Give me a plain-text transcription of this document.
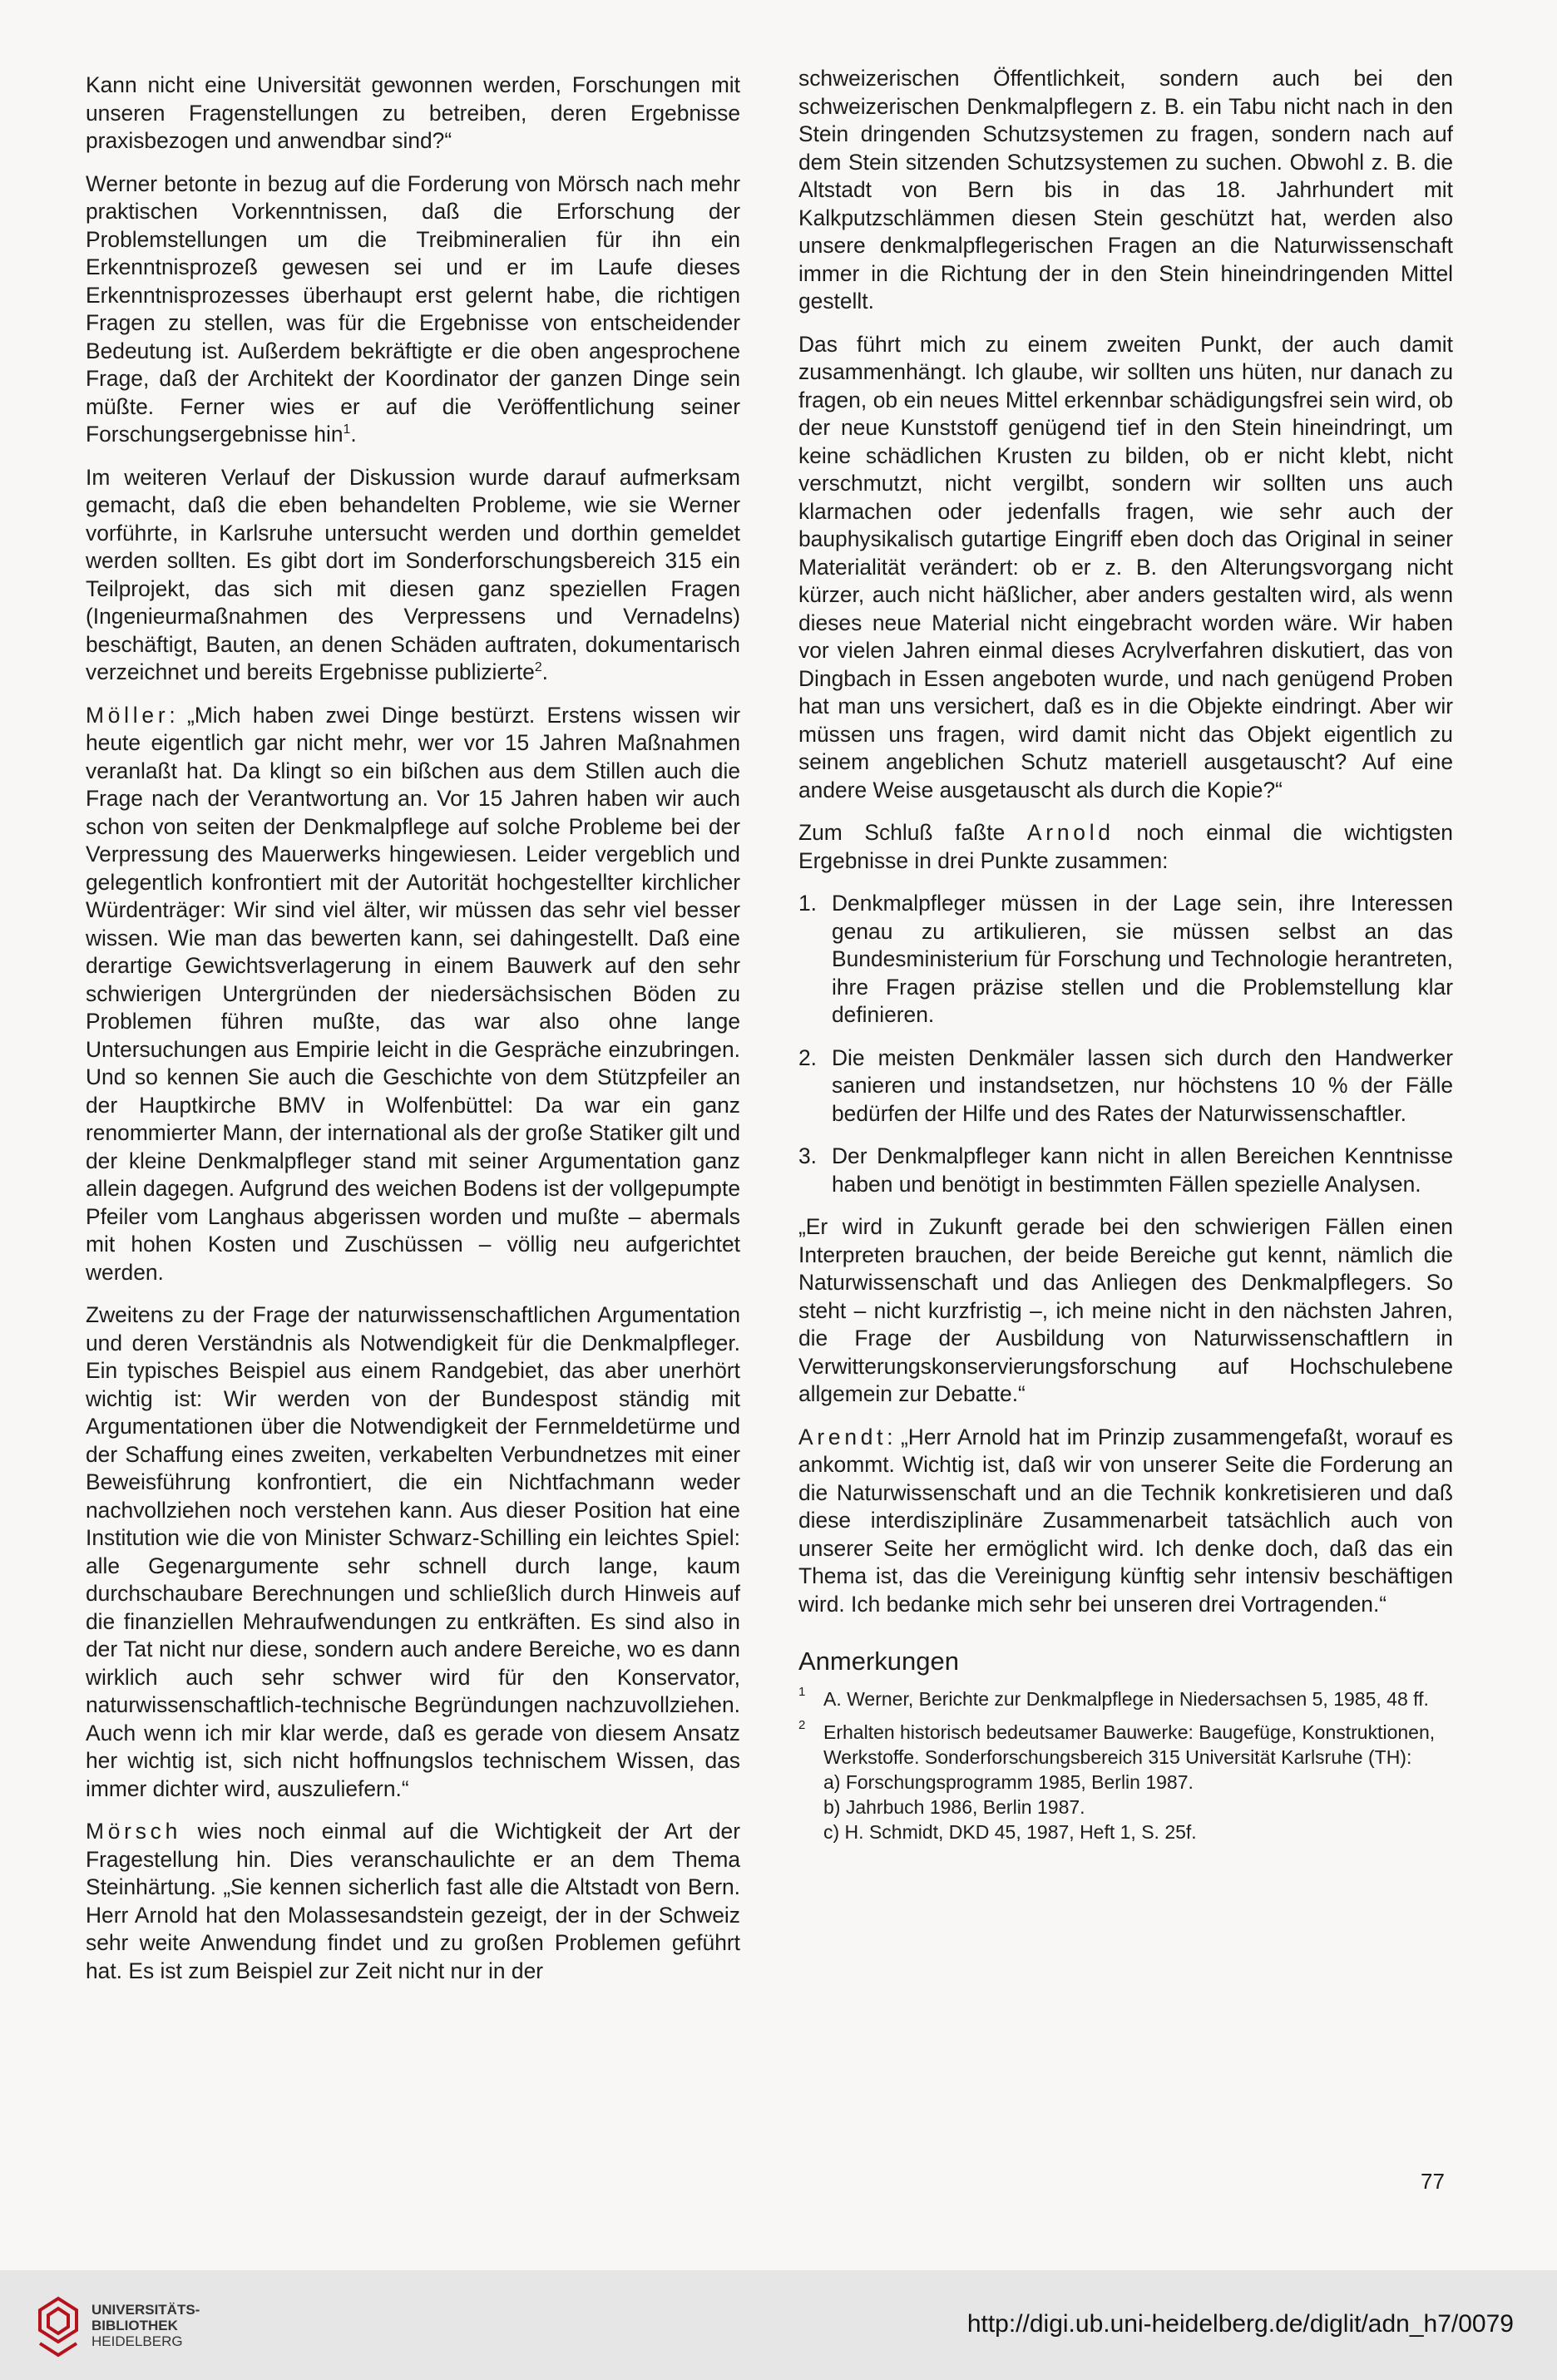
Kann nicht eine Universität gewonnen werden, Forschungen mit unseren Fragenstellungen zu betreiben, deren Ergebnisse praxisbezogen und anwendbar sind?“

Werner betonte in bezug auf die Forderung von Mörsch nach mehr praktischen Vorkenntnissen, daß die Erforschung der Problemstellungen um die Treibmineralien für ihn ein Erkenntnisprozeß gewesen sei und er im Laufe dieses Erkenntnisprozesses überhaupt erst gelernt habe, die richtigen Fragen zu stellen, was für die Ergebnisse von entscheidender Bedeutung ist. Außerdem bekräftigte er die oben angesprochene Frage, daß der Architekt der Koordinator der ganzen Dinge sein müßte. Ferner wies er auf die Veröffentlichung seiner Forschungsergebnisse hin$^1$.

Im weiteren Verlauf der Diskussion wurde darauf aufmerksam gemacht, daß die eben behandelten Probleme, wie sie Werner vorführte, in Karlsruhe untersucht werden und dorthin gemeldet werden sollten. Es gibt dort im Sonderforschungsbereich 315 ein Teilprojekt, das sich mit diesen ganz speziellen Fragen (Ingenieurmaßnahmen des Verpressens und Vernadelns) beschäftigt, Bauten, an denen Schäden auftraten, dokumentarisch verzeichnet und bereits Ergebnisse publizierte$^2$.

Möller: „Mich haben zwei Dinge bestürzt. Erstens wissen wir heute eigentlich gar nicht mehr, wer vor 15 Jahren Maßnahmen veranlaßt hat. Da klingt so ein bißchen aus dem Stillen auch die Frage nach der Verantwortung an. Vor 15 Jahren haben wir auch schon von seiten der Denkmalpflege auf solche Probleme bei der Verpressung des Mauerwerks hingewiesen. Leider vergeblich und gelegentlich konfrontiert mit der Autorität hochgestellter kirchlicher Würdenträger: Wir sind viel älter, wir müssen das sehr viel besser wissen. Wie man das bewerten kann, sei dahingestellt. Daß eine derartige Gewichtsverlagerung in einem Bauwerk auf den sehr schwierigen Untergründen der niedersächsischen Böden zu Problemen führen mußte, das war also ohne lange Untersuchungen aus Empirie leicht in die Gespräche einzubringen. Und so kennen Sie auch die Geschichte von dem Stützpfeiler an der Hauptkirche BMV in Wolfenbüttel: Da war ein ganz renommierter Mann, der international als der große Statiker gilt und der kleine Denkmalpfleger stand mit seiner Argumentation ganz allein dagegen. Aufgrund des weichen Bodens ist der vollgepumpte Pfeiler vom Langhaus abgerissen worden und mußte – abermals mit hohen Kosten und Zuschüssen – völlig neu aufgerichtet werden.

Zweitens zu der Frage der naturwissenschaftlichen Argumentation und deren Verständnis als Notwendigkeit für die Denkmalpfleger. Ein typisches Beispiel aus einem Randgebiet, das aber unerhört wichtig ist: Wir werden von der Bundespost ständig mit Argumentationen über die Notwendigkeit der Fernmeldetürme und der Schaffung eines zweiten, verkabelten Verbundnetzes mit einer Beweisführung konfrontiert, die ein Nichtfachmann weder nachvollziehen noch verstehen kann. Aus dieser Position hat eine Institution wie die von Minister Schwarz-Schilling ein leichtes Spiel: alle Gegenargumente sehr schnell durch lange, kaum durchschaubare Berechnungen und schließlich durch Hinweis auf die finanziellen Mehraufwendungen zu entkräften. Es sind also in der Tat nicht nur diese, sondern auch andere Bereiche, wo es dann wirklich auch sehr schwer wird für den Konservator, naturwissenschaftlich-technische Begründungen nachzuvollziehen. Auch wenn ich mir klar werde, daß es gerade von diesem Ansatz her wichtig ist, sich nicht hoffnungslos technischem Wissen, das immer dichter wird, auszuliefern.“

Mörsch wies noch einmal auf die Wichtigkeit der Art der Fragestellung hin. Dies veranschaulichte er an dem Thema Steinhärtung. „Sie kennen sicherlich fast alle die Altstadt von Bern. Herr Arnold hat den Molassesandstein gezeigt, der in der Schweiz sehr weite Anwendung findet und zu großen Problemen geführt hat. Es ist zum Beispiel zur Zeit nicht nur in der

schweizerischen Öffentlichkeit, sondern auch bei den schweizerischen Denkmalpflegern z. B. ein Tabu nicht nach in den Stein dringenden Schutzsystemen zu fragen, sondern nach auf dem Stein sitzenden Schutzsystemen zu suchen. Obwohl z. B. die Altstadt von Bern bis in das 18. Jahrhundert mit Kalkputzschlämmen diesen Stein geschützt hat, werden also unsere denkmalpflegerischen Fragen an die Naturwissenschaft immer in die Richtung der in den Stein hineindringenden Mittel gestellt.

Das führt mich zu einem zweiten Punkt, der auch damit zusammenhängt. Ich glaube, wir sollten uns hüten, nur danach zu fragen, ob ein neues Mittel erkennbar schädigungsfrei sein wird, ob der neue Kunststoff genügend tief in den Stein hineindringt, um keine schädlichen Krusten zu bilden, ob er nicht klebt, nicht verschmutzt, nicht vergilbt, sondern wir sollten uns auch klarmachen oder jedenfalls fragen, wie sehr auch der bauphysikalisch gutartige Eingriff eben doch das Original in seiner Materialität verändert: ob er z. B. den Alterungsvorgang nicht kürzer, auch nicht häßlicher, aber anders gestalten wird, als wenn dieses neue Material nicht eingebracht worden wäre. Wir haben vor vielen Jahren einmal dieses Acrylverfahren diskutiert, das von Dingbach in Essen angeboten wurde, und nach genügend Proben hat man uns versichert, daß es in die Objekte eindringt. Aber wir müssen uns fragen, wird damit nicht das Objekt eigentlich zu seinem angeblichen Schutz materiell ausgetauscht? Auf eine andere Weise ausgetauscht als durch die Kopie?“

Zum Schluß faßte Arnold noch einmal die wichtigsten Ergebnisse in drei Punkte zusammen:

1. Denkmalpfleger müssen in der Lage sein, ihre Interessen genau zu artikulieren, sie müssen selbst an das Bundesministerium für Forschung und Technologie herantreten, ihre Fragen präzise stellen und die Problemstellung klar definieren.
2. Die meisten Denkmäler lassen sich durch den Handwerker sanieren und instandsetzen, nur höchstens 10 % der Fälle bedürfen der Hilfe und des Rates der Naturwissenschaftler.
3. Der Denkmalpfleger kann nicht in allen Bereichen Kenntnisse haben und benötigt in bestimmten Fällen spezielle Analysen.

„Er wird in Zukunft gerade bei den schwierigen Fällen einen Interpreten brauchen, der beide Bereiche gut kennt, nämlich die Naturwissenschaft und das Anliegen des Denkmalpflegers. So steht – nicht kurzfristig –, ich meine nicht in den nächsten Jahren, die Frage der Ausbildung von Naturwissenschaftlern in Verwitterungskonservierungsforschung auf Hochschulebene allgemein zur Debatte.“

Arendt: „Herr Arnold hat im Prinzip zusammengefaßt, worauf es ankommt. Wichtig ist, daß wir von unserer Seite die Forderung an die Naturwissenschaft und an die Technik konkretisieren und daß diese interdisziplinäre Zusammenarbeit tatsächlich auch von unserer Seite her ermöglicht wird. Ich denke doch, daß das ein Thema ist, das die Vereinigung künftig sehr intensiv beschäftigen wird. Ich bedanke mich sehr bei unseren drei Vortragenden.“

Anmerkungen
1 A. Werner, Berichte zur Denkmalpflege in Niedersachsen 5, 1985, 48 ff.
2 Erhalten historisch bedeutsamer Bauwerke: Baugefüge, Konstruktionen, Werkstoffe. Sonderforschungsbereich 315 Universität Karlsruhe (TH):
a) Forschungsprogramm 1985, Berlin 1987.
b) Jahrbuch 1986, Berlin 1987.
c) H. Schmidt, DKD 45, 1987, Heft 1, S. 25f.
77
UNIVERSITÄTS-
BIBLIOTHEK
HEIDELBERG
http://digi.ub.uni-heidelberg.de/diglit/adn_h7/0079
